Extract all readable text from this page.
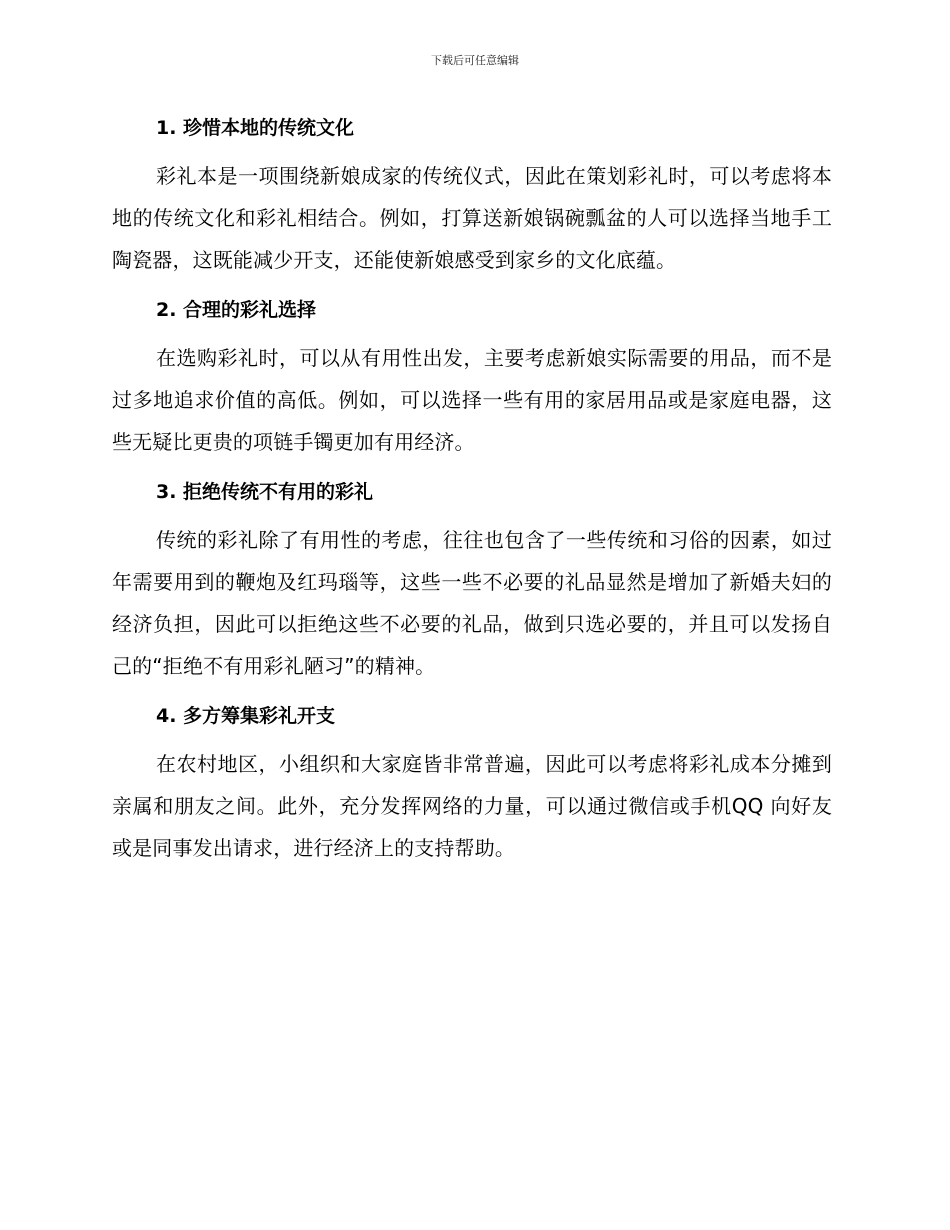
下载后可任意编辑
1. 珍惜本地的传统文化

彩礼本是一项围绕新娘成家的传统仪式，因此在策划彩礼时，可以考虑将本地的传统文化和彩礼相结合。例如，打算送新娘锅碗瓢盆的人可以选择当地手工陶瓷器，这既能减少开支，还能使新娘感受到家乡的文化底蕴。

2. 合理的彩礼选择

在选购彩礼时，可以从有用性出发，主要考虑新娘实际需要的用品，而不是过多地追求价值的高低。例如，可以选择一些有用的家居用品或是家庭电器，这些无疑比更贵的项链手镯更加有用经济。

3. 拒绝传统不有用的彩礼

传统的彩礼除了有用性的考虑，往往也包含了一些传统和习俗的因素，如过年需要用到的鞭炮及红玛瑙等，这些一些不必要的礼品显然是增加了新婚夫妇的经济负担，因此可以拒绝这些不必要的礼品，做到只选必要的，并且可以发扬自己的“拒绝不有用彩礼陋习”的精神。

4. 多方筹集彩礼开支

在农村地区，小组织和大家庭皆非常普遍，因此可以考虑将彩礼成本分摊到亲属和朋友之间。此外，充分发挥网络的力量，可以通过微信或手机QQ 向好友或是同事发出请求，进行经济上的支持帮助。
